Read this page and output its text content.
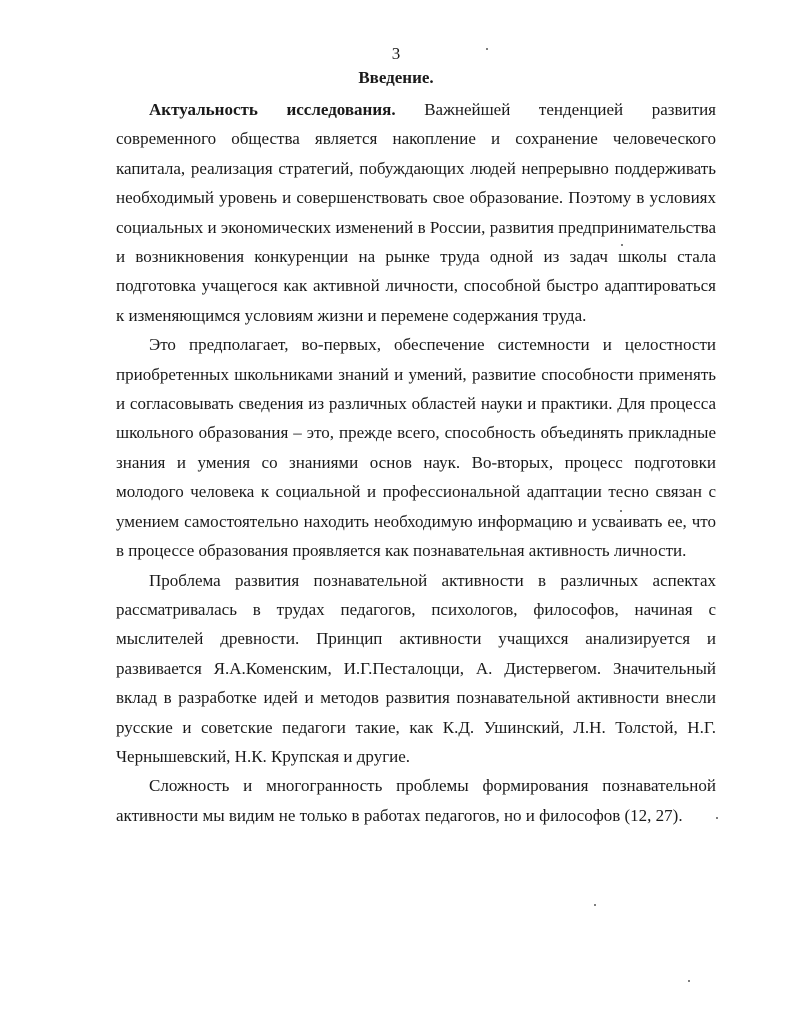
3
Введение.

Актуальность исследования. Важнейшей тенденцией развития современного общества является накопление и сохранение человеческого капитала, реализация стратегий, побуждающих людей непрерывно поддерживать необходимый уровень и совершенствовать свое образование. Поэтому в условиях социальных и экономических изменений в России, развития предпринимательства и возникновения конкуренции на рынке труда одной из задач школы стала подготовка учащегося как активной личности, способной быстро адаптироваться к изменяющимся условиям жизни и перемене содержания труда.

Это предполагает, во-первых, обеспечение системности и целостности приобретенных школьниками знаний и умений, развитие способности применять и согласовывать сведения из различных областей науки и практики. Для процесса школьного образования – это, прежде всего, способность объединять прикладные знания и умения со знаниями основ наук. Во-вторых, процесс подготовки молодого человека к социальной и профессиональной адаптации тесно связан с умением самостоятельно находить необходимую информацию и усваивать ее, что в процессе образования проявляется как познавательная активность личности.

Проблема развития познавательной активности в различных аспектах рассматривалась в трудах педагогов, психологов, философов, начиная с мыслителей древности. Принцип активности учащихся анализируется и развивается Я.А.Коменским, И.Г.Песталоцци, А. Дистервегом. Значительный вклад в разработке идей и методов развития познавательной активности внесли русские и советские педагоги такие, как К.Д. Ушинский, Л.Н. Толстой, Н.Г. Чернышевский, Н.К. Крупская и другие.

Сложность и многогранность проблемы формирования познавательной активности мы видим не только в работах педагогов, но и философов (12, 27).
